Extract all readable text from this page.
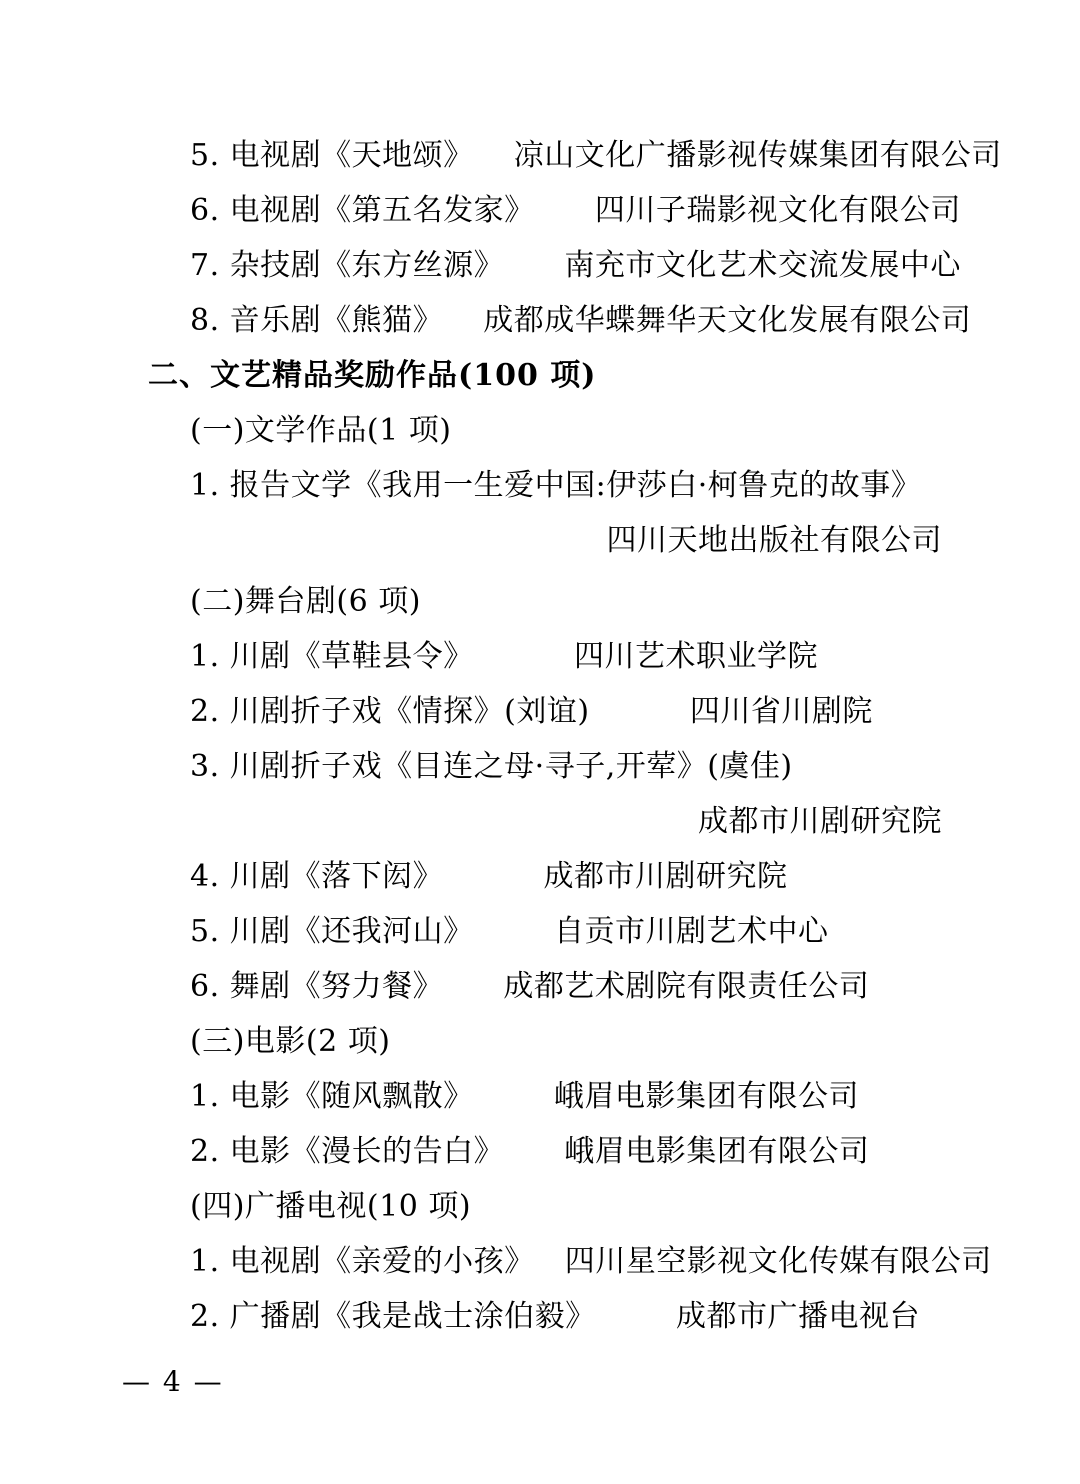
5. 电视剧《天地颂》    凉山文化广播影视传媒集团有限公司
6. 电视剧《第五名发家》      四川子瑞影视文化有限公司
7. 杂技剧《东方丝源》      南充市文化艺术交流发展中心
8. 音乐剧《熊猫》    成都成华蝶舞华天文化发展有限公司
二、文艺精品奖励作品(100 项)
(一)文学作品(1 项)
1. 报告文学《我用一生爱中国:伊莎白·柯鲁克的故事》
四川天地出版社有限公司
(二)舞台剧(6 项)
1. 川剧《草鞋县令》          四川艺术职业学院
2. 川剧折子戏《情探》(刘谊)          四川省川剧院
3. 川剧折子戏《目连之母·寻子,开荤》(虞佳)
成都市川剧研究院
4. 川剧《落下闳》          成都市川剧研究院
5. 川剧《还我河山》        自贡市川剧艺术中心
6. 舞剧《努力餐》      成都艺术剧院有限责任公司
(三)电影(2 项)
1. 电影《随风飘散》        峨眉电影集团有限公司
2. 电影《漫长的告白》      峨眉电影集团有限公司
(四)广播电视(10 项)
1. 电视剧《亲爱的小孩》   四川星空影视文化传媒有限公司
2. 广播剧《我是战士涂伯毅》        成都市广播电视台
— 4 —
